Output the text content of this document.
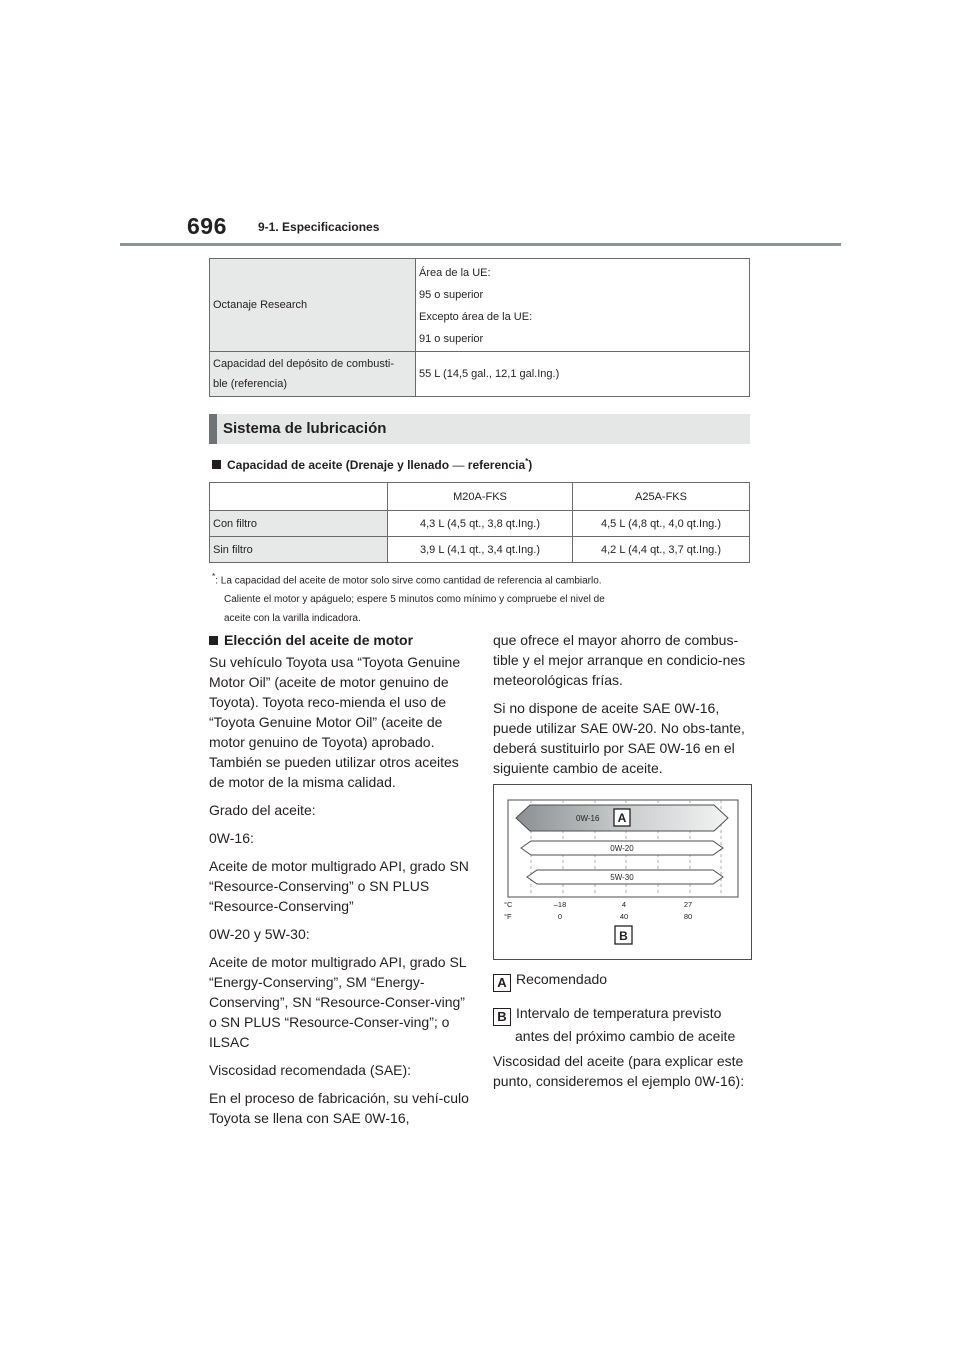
696	9-1. Especificaciones
Octanaje Research	Área de la UE:
95 o superior
Excepto área de la UE:
91 o superior

Capacidad del depósito de combusti-
ble (referencia)	55 L (14,5 gal., 12,1 gal.Ing.)
Sistema de lubricación
Capacidad de aceite (Drenaje y llenado — referencia*)
	M20A-FKS	A25A-FKS
Con filtro	4,3 L (4,5 qt., 3,8 qt.Ing.)	4,5 L (4,8 qt., 4,0 qt.Ing.)
Sin filtro	3,9 L (4,1 qt., 3,4 qt.Ing.)	4,2 L (4,4 qt., 3,7 qt.Ing.)
*: La capacidad del aceite de motor solo sirve como cantidad de referencia al cambiarlo.
Caliente el motor y apáguelo; espere 5 minutos como mínimo y compruebe el nivel de
aceite con la varilla indicadora.
Elección del aceite de motor

Su vehículo Toyota usa “Toyota Genuine Motor Oil” (aceite de motor genuino de Toyota). Toyota reco-mienda el uso de “Toyota Genuine Motor Oil” (aceite de motor genuino de Toyota) aprobado. También se pueden utilizar otros aceites de motor de la misma calidad.

Grado del aceite:

0W-16:

Aceite de motor multigrado API, grado SN “Resource-Conserving” o SN PLUS “Resource-Conserving”

0W-20 y 5W-30:

Aceite de motor multigrado API, grado SL “Energy-Conserving”, SM “Energy-Conserving”, SN “Resource-Conser-ving” o SN PLUS “Resource-Conser-ving”; o ILSAC

Viscosidad recomendada (SAE):

En el proceso de fabricación, su vehí-culo Toyota se llena con SAE 0W-16,

que ofrece el mayor ahorro de combus-tible y el mejor arranque en condicio-nes meteorológicas frías.

Si no dispone de aceite SAE 0W-16, puede utilizar SAE 0W-20. No obs-tante, deberá sustituirlo por SAE 0W-16 en el siguiente cambio de aceite.

0W-16 A
0W-20
5W-30
°C
°F
–18	4	27
0	40	80
B
A Recomendado
B Intervalo de temperatura previsto
antes del próximo cambio de aceite
Viscosidad del aceite (para explicar este punto, consideremos el ejemplo 0W-16):
